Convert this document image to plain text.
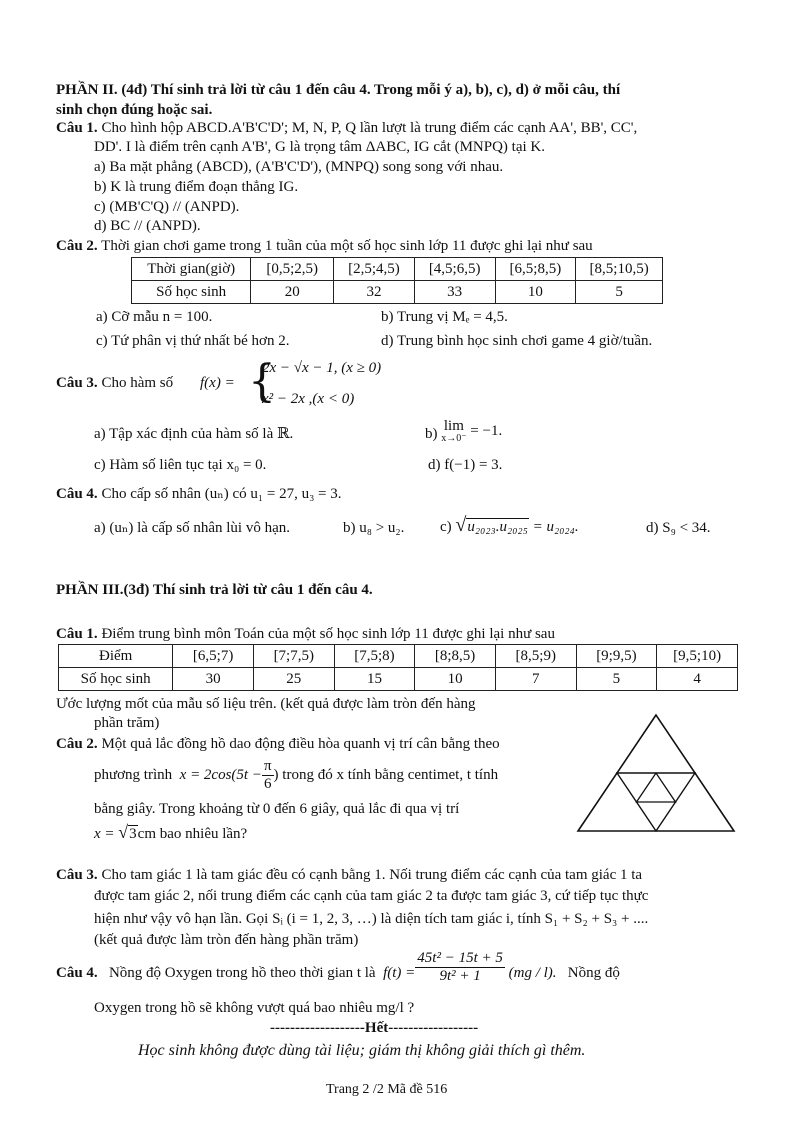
PHẦN II. (4đ) Thí sinh trả lời từ câu 1 đến câu 4. Trong mỗi ý a), b), c), d) ở mỗi câu, thí
sinh chọn đúng hoặc sai.
Câu 1. Cho hình hộp ABCD.A'B'C'D'; M, N, P, Q lần lượt là trung điểm các cạnh AA', BB', CC',
DD'. I là điểm trên cạnh A'B', G là trọng tâm ΔABC, IG cắt (MNPQ) tại K.
a) Ba mặt phẳng (ABCD), (A'B'C'D'), (MNPQ) song song với nhau.
b) K là trung điểm đoạn thẳng IG.
c) (MB'C'Q) // (ANPD).
d) BC // (ANPD).
Câu 2. Thời gian chơi game trong 1 tuần của một số học sinh lớp 11 được ghi lại như sau
Thời gian(giờ)	[0,5;2,5)	[2,5;4,5)	[4,5;6,5)	[6,5;8,5)	[8,5;10,5)
Số học sinh	20	32	33	10	5
a) Cỡ mẫu n = 100.	b) Trung vị Mₑ = 4,5.
c) Tứ phân vị thứ nhất bé hơn 2.	d) Trung bình học sinh chơi game 4 giờ/tuần.
Câu 3. Cho hàm số f(x) = {
2x − √x − 1, (x ≥ 0)
x² − 2x ,(x < 0)
a) Tập xác định của hàm số là ℝ.	b) lim
x→0⁻ = −1.
c) Hàm số liên tục tại x₀ = 0.	d) f(−1) = 3.
Câu 4. Cho cấp số nhân (uₙ) có u₁ = 27, u₃ = 3.
a) (uₙ) là cấp số nhân lùi vô hạn.	b) u₈ > u₂. c) √u₂₀₂₃.u₂₀₂₅ = u₂₀₂₄.	d) S₉ < 34.
PHẦN III.(3đ) Thí sinh trả lời từ câu 1 đến câu 4.
Câu 1. Điểm trung bình môn Toán của một số học sinh lớp 11 được ghi lại như sau
Điểm	[6,5;7)	[7;7,5)	[7,5;8)	[8;8,5)	[8,5;9)	[9;9,5)	[9,5;10)
Số học sinh	30	25	15	10	7	5	4
Ước lượng mốt của mẫu số liệu trên. (kết quả được làm tròn đến hàng
phần trăm)
Câu 2. Một quả lắc đồng hồ dao động điều hòa quanh vị trí cân bằng theo
phương trình $x = 2\cos(5t - \frac{\pi}{6}$ ) trong đó x tính bằng centimet, t tính
bằng giây. Trong khoảng từ 0 đến 6 giây, quả lắc đi qua vị trí
x = √3cm bao nhiêu lần?
Câu 3. Cho tam giác 1 là tam giác đều có cạnh bằng 1. Nối trung điểm các cạnh của tam giác 1 ta
được tam giác 2, nối trung điểm các cạnh của tam giác 2 ta được tam giác 3, cứ tiếp tục thực
hiện như vậy vô hạn lần. Gọi Sᵢ (i = 1, 2, 3, …) là diện tích tam giác i, tính S₁ + S₂ + S₃ + ....
(kết quả được làm tròn đến hàng phần trăm)
Câu 4. Nồng độ Oxygen trong hồ theo thời gian t là $f(t) = \frac{\text{45t² − 15t + 5}}{\text{9t² + 1}} (mg / l)$. Nồng độ
Oxygen trong hồ sẽ không vượt quá bao nhiêu mg/l ?
-------------------Hết------------------
Học sinh không được dùng tài liệu; giám thị không giải thích gì thêm.
Trang 2 /2 Mã đề 516
